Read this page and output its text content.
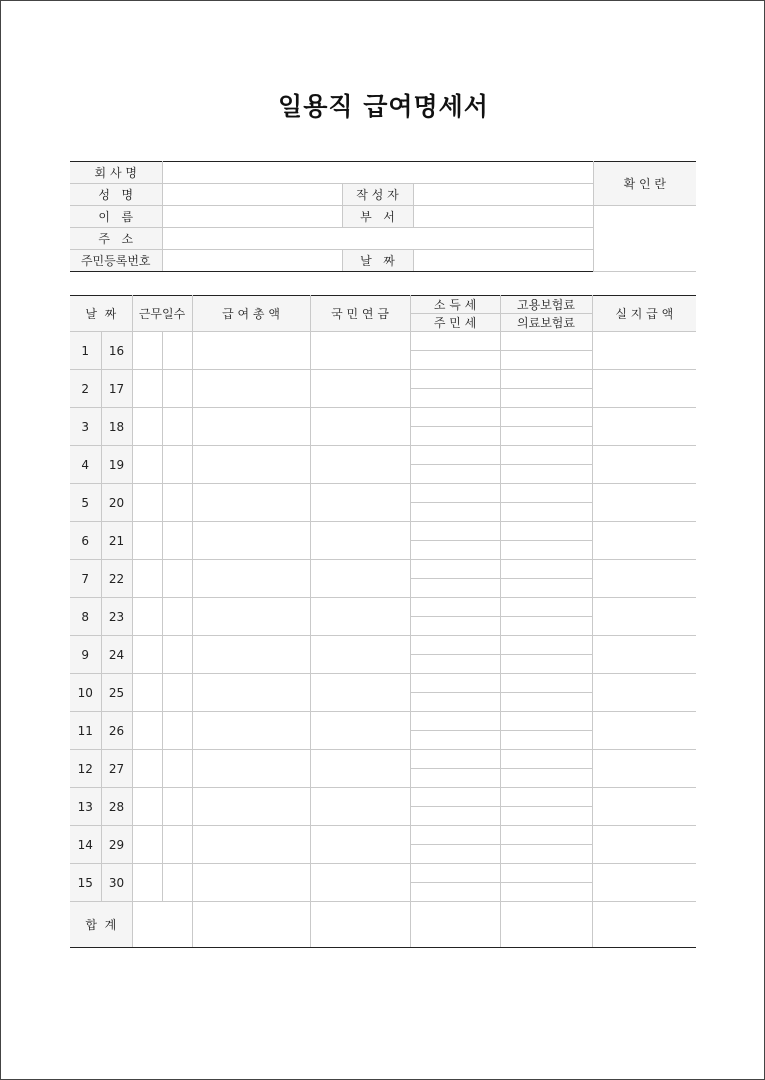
일용직 급여명세서
회 사 명				확 인 란
성   명		작 성 자		
이   름		부   서		
주   소				
주민등록번호		날   짜		
날  짜		근무일수		급 여 총 액	국 민 연 금	소 득 세	고용보험료	실 지 급 액
						주 민 세	의료보험료	
1	16							

2	17							

3	18							

4	19							

5	20							

6	21							

7	22							

8	23							

9	24							

10	25							

11	26							

12	27							

13	28							

14	29							

15	30							

합  계								
